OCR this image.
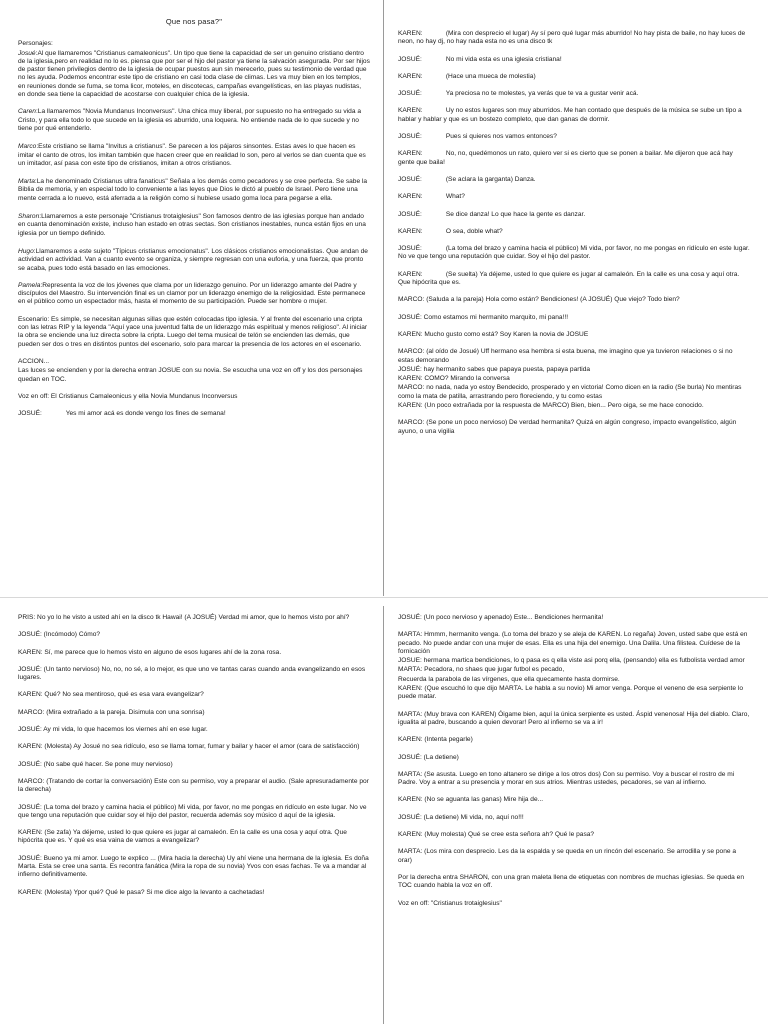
Que nos pasa?"

Personajes:

Josué:Al que llamaremos "Cristianus camaleonicus". Un tipo que tiene la capacidad de ser un genuino cristiano dentro de la iglesia,pero en realidad no lo es. piensa que por ser el hijo del pastor ya tiene la salvación asegurada. Por ser hijos de pastor tienen privilegios dentro de la iglesia de ocupar puestos aun sin merecerlo, pues su testimonio de verdad que no les ayuda. Podemos encontrar este tipo de cristiano en casi toda clase de climas. Les va muy bien en los templos, en reuniones donde se fuma, se toma licor, moteles, en discotecas, campañas evangelísticas, en las playas nudistas, en donde sea tiene la capacidad de acostarse con cualquier chica de la iglesia.

Caren:La llamaremos "Novia Mundanus Inconversus". Una chica muy liberal, por supuesto no ha entregado su vida a Cristo, y para ella todo lo que sucede en la iglesia es aburrido, una loquera. No entiende nada de lo que sucede y no tiene por qué entenderlo.

Marco:Este cristiano se llama "Invitus a cristianus". Se parecen a los pájaros sinsontes. Estas aves lo que hacen es imitar el canto de otros, los imitan también que hacen creer que en realidad lo son, pero al verlos se dan cuenta que es un imitador, así pasa con este tipo de cristianos, imitan a otros cristianos.

Marta:La he denominado Cristianus ultra fanaticus" Señala a los demás como pecadores y se cree perfecta. Se sabe la Biblia de memoria, y en especial todo lo conveniente a las leyes que Dios le dictó al pueblo de Israel. Pero tiene una mente cerrada a lo nuevo, está aferrada a la religión como si hubiese usado goma loca para pegarse a ella.

Sharon:Llamaremos a este personaje "Cristianus trotaiglesius" Son famosos dentro de las iglesias porque han andado en cuanta denominación existe, incluso han estado en otras sectas. Son cristianos inestables, nunca están fijos en una iglesia por un tiempo definido.

Hugo:Llamaremos a este sujeto "Típicus cristianus emocionatus". Los clásicos cristianos emocionalistas. Que andan de actividad en actividad. Van a cuanto evento se organiza, y siempre regresan con una euforia, y una fuerza, que pronto se acaba, pues todo está basado en las emociones.

Pamela:Representa la voz de los jóvenes que clama por un liderazgo genuino. Por un liderazgo amante del Padre y discípulos del Maestro. Su intervención final es un clamor por un liderazgo enemigo de la religiosidad. Este permanece en el público como un espectador más, hasta el momento de su participación. Puede ser hombre o mujer.

Escenario: Es simple, se necesitan algunas sillas que estén colocadas tipo iglesia. Y al frente del escenario una cripta con las letras RIP y la leyenda "Aquí yace una juventud falta de un liderazgo más espiritual y menos religioso". Al iniciar la obra se enciende una luz directa sobre la cripta. Luego del tema musical de telón se encienden las demás, que pueden ser dos o tres en distintos puntos del escenario, solo para marcar la presencia de los actores en el escenario.

ACCION...

Las luces se encienden y por la derecha entran JOSUE con su novia. Se escucha una voz en off y los dos personajes quedan en TOC.

Voz en off: El Cristianus Camaleonicus y ella Novia Mundanus Inconversus

JOSUÉ:	Yes mi amor acá es donde vengo los fines de semana!

KAREN:	(Mira con desprecio el lugar) Ay sí pero qué lugar más aburrido! No hay pista de baile, no hay luces de neon, no hay dj, no hay nada esta no es una disco tk

JOSUÉ:	No mi vida esta es una iglesia cristiana!

KAREN:	(Hace una mueca de molestia)

JOSUÉ:	Ya preciosa no te molestes, ya verás que te va a gustar venir acá.

KAREN:	Uy no estos lugares son muy aburridos. Me han contado que después de la música se sube un tipo a hablar y hablar y que es un bostezo completo, que dan ganas de dormir.

JOSUÉ:	Pues si quieres nos vamos entonces?

KAREN:	No, no, quedémonos un rato, quiero ver si es cierto que se ponen a bailar. Me dijeron que acá hay gente que baila!

JOSUÉ:	(Se aclara la garganta) Danza.

KAREN:	What?

JOSUÉ:	Se dice danza! Lo que hace la gente es danzar.

KAREN:	O sea, doble what?

JOSUÉ:	(La toma del brazo y camina hacia el público) Mi vida, por favor, no me pongas en ridículo en este lugar. No ve que tengo una reputación que cuidar. Soy el hijo del pastor.

KAREN:	(Se suelta) Ya déjeme, usted lo que quiere es jugar al camaleón. En la calle es una cosa y aquí otra. Que hipócrita que es.

MARCO: (Saluda a la pareja) Hola como están? Bendiciones! (A JOSUÉ) Que viejo? Todo bien?

JOSUÉ: Como estamos mi hermanito marquito, mi pana!!!

KAREN: Mucho gusto como está? Soy Karen la novia de JOSUE

MARCO: (al oído de Josué) Uff hermano esa hembra si esta buena, me imagino que ya tuvieron relaciones o si no estas demorando

JOSUÉ: hay hermanito sabes que papaya puesta, papaya partida

KAREN: COMO? Mirando la conversa

MARCO: no nada, nada yo estoy Bendecido, prosperado y en victoria! Como dicen en la radio (Se burla) No mentiras como la mata de patilla, arrastrando pero floreciendo, y tu como estas

KAREN: (Un poco extrañada por la respuesta de MARCO) Bien, bien... Pero oiga, se me hace conocido.

MARCO: (Se pone un poco nervioso) De verdad hermanita? Quizá en algún congreso, impacto evangelístico, algún ayuno, o una vigilia

PRIS: No yo lo he visto a usted ahí en la disco tk Hawai! (A JOSUÉ) Verdad mi amor, que lo hemos visto por ahí?

JOSUÉ: (Incómodo) Cómo?

KAREN: Sí, me parece que lo hemos visto en alguno de esos lugares ahí de la zona rosa.

JOSUÉ: (Un tanto nervioso) No, no, no sé, a lo mejor, es que uno ve tantas caras cuando anda evangelizando en esos lugares.

KAREN: Qué? No sea mentiroso, qué es esa vara evangelizar?

MARCO: (Mira extrañado a la pareja. Disimula con una sonrisa)

JOSUÉ: Ay mi vida, lo que hacemos los viernes ahí en ese lugar.

KAREN: (Molesta) Ay Josué no sea ridículo, eso se llama tomar, fumar y bailar y hacer el amor (cara de satisfacción)

JOSUÉ: (No sabe qué hacer. Se pone muy nervioso)

MARCO: (Tratando de cortar la conversación) Este con su permiso, voy a preparar el audio. (Sale apresuradamente por la derecha)

JOSUÉ: (La toma del brazo y camina hacia el público) Mi vida, por favor, no me pongas en ridículo en este lugar. No ve que tengo una reputación que cuidar soy el hijo del pastor, recuerda además soy músico d aquí de la iglesia.

KAREN: (Se zafa) Ya déjeme, usted lo que quiere es jugar al camaleón. En la calle es una cosa y aquí otra. Que hipócrita que es. Y qué es esa vaina de vamos a evangelizar?

JOSUÉ: Bueno ya mi amor. Luego te explico ... (Mira hacia la derecha) Uy ahí viene una hermana de la iglesia. Es doña Marta. Esta se cree una santa. Es recontra fanática (Mira la ropa de su novia) Yvos con esas fachas. Te va a mandar al infierno definitivamente.

KAREN: (Molesta) Ypor qué? Qué le pasa? Si me dice algo la levanto a cachetadas!

JOSUÉ: (Un poco nervioso y apenado) Este... Bendiciones hermanita!

MARTA: Hmmm, hermanito venga. (Lo toma del brazo y se aleja de KAREN. Lo regaña) Joven, usted sabe que está en pecado. No puede andar con una mujer de esas. Ella es una hija del enemigo. Una Dalila. Una filistea. Cuídese de la fornicación

JOSUE: hermana martica bendiciones, lo q pasa es q ella viste asi porq ella, (pensando) ella es futbolista verdad amor

MARTA: Pecadora, no shaes que jugar futbol es pecado,

Recuerda la parabola de las vírgenes, que ella quecamente hasta dormirse.

KAREN: (Que escuchó lo que dijo MARTA. Le habla a su novio) Mi amor venga. Porque el veneno de esa serpiente lo puede matar.

MARTA: (Muy brava con KAREN) Óigame bien, aquí la única serpiente es usted. Áspid venenosa! Hija del diablo. Claro, igualita al padre, buscando a quien devorar! Pero al infierno se va a ir!

KAREN: (Intenta pegarle)

JOSUÉ: (La detiene)

MARTA: (Se asusta. Luego en tono altanero se dirige a los otros dos) Con su permiso. Voy a buscar el rostro de mi Padre. Voy a entrar a su presencia y morar en sus atrios. Mientras ustedes, pecadores, se van al infierno.

KAREN: (No se aguanta las ganas) Mire hija de...

JOSUÉ: (La detiene) Mi vida, no, aquí no!!!

KAREN: (Muy molesta) Qué se cree esta señora ah? Qué le pasa?

MARTA: (Los mira con desprecio. Les da la espalda y se queda en un rincón del escenario. Se arrodilla y se pone a orar)

Por la derecha entra SHARON, con una gran maleta llena de etiquetas con nombres de muchas iglesias. Se queda en TOC cuando habla la voz en off.

Voz en off: "Cristianus trotaiglesius"
